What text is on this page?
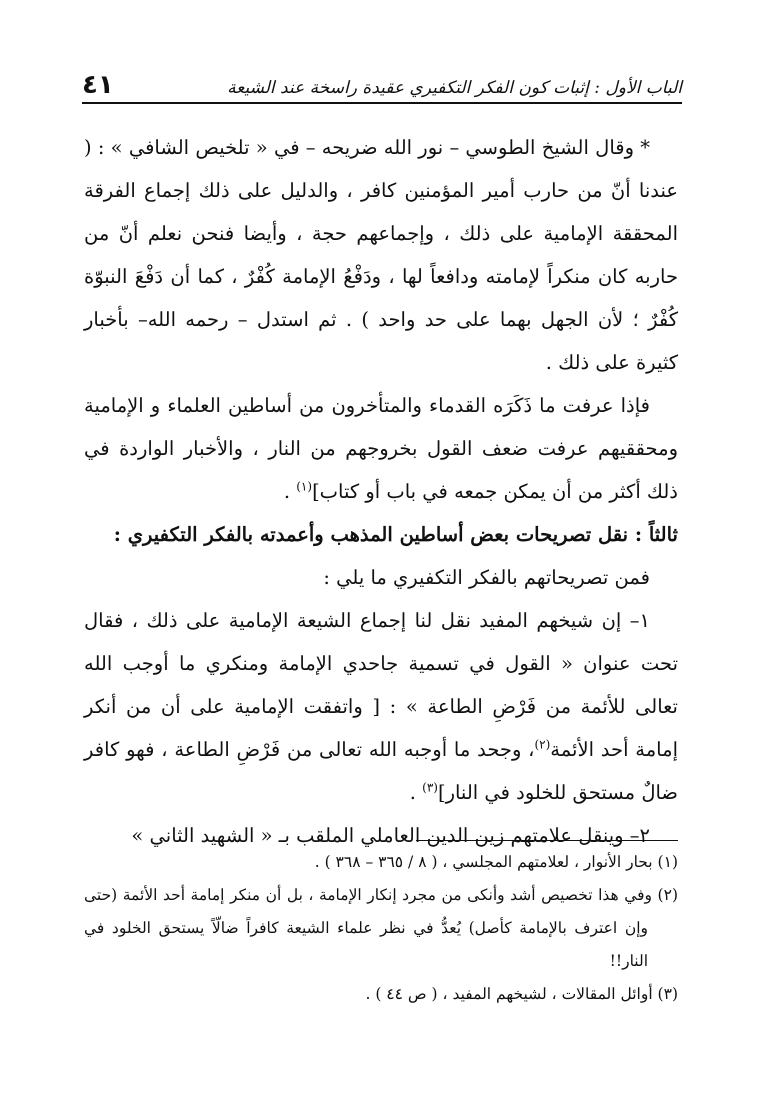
الباب الأول : إثبات كون الفكر التكفيري عقيدة راسخة عند الشيعة
٤١

* وقال الشيخ الطوسي – نور الله ضريحه – في « تلخيص الشافي » : ( عندنا أنّ من حارب أمير المؤمنين كافر ، والدليل على ذلك إجماع الفرقة المحققة الإمامية على ذلك ، وإجماعهم حجة ، وأيضا فنحن نعلم أنّ من حاربه كان منكراً لإمامته ودافعاً لها ، ودَفْعُ الإمامة كُفْرٌ ، كما أن دَفْعَ النبوّة كُفْرٌ ؛ لأن الجهل بهما على حد واحد ) . ثم استدل – رحمه الله– بأخبار كثيرة على ذلك .

فإذا عرفت ما ذَكَرَه القدماء والمتأخرون من أساطين العلماء و الإمامية ومحققيهم عرفت ضعف القول بخروجهم من النار ، والأخبار الواردة في ذلك أكثر من أن يمكن جمعه في باب أو كتاب]$^{(١)}$ .

ثالثاً : نقل تصريحات بعض أساطين المذهب وأعمدته بالفكر التكفيري :

فمن تصريحاتهم بالفكر التكفيري ما يلي :

١– إن شيخهم المفيد نقل لنا إجماع الشيعة الإمامية على ذلك ، فقال تحت عنوان « القول في تسمية جاحدي الإمامة ومنكري ما أوجب الله تعالى للأئمة من فَرْضِ الطاعة » : [ واتفقت الإمامية على أن من أنكر إمامة أحد الأئمة$^{(٢)}$، وجحد ما أوجبه الله تعالى من فَرْضِ الطاعة ، فهو كافر ضالٌ مستحق للخلود في النار]$^{(٣)}$ .

٢– وينقل علامتهم زين الدين العاملي الملقب بـ « الشهيد الثاني »

(١) بحار الأنوار ، لعلامتهم المجلسي ، ( ٨ / ٣٦٥ – ٣٦٨ ) .

(٢) وفي هذا تخصيص أشد وأنكى من مجرد إنكار الإمامة ، بل أن منكر إمامة أحد الأئمة (حتى وإن اعترف بالإمامة كأصل) يُعدُّ في نظر علماء الشيعة كافراً ضالّاً يستحق الخلود في النار!!

(٣) أوائل المقالات ، لشيخهم المفيد ، ( ص ٤٤ ) .
